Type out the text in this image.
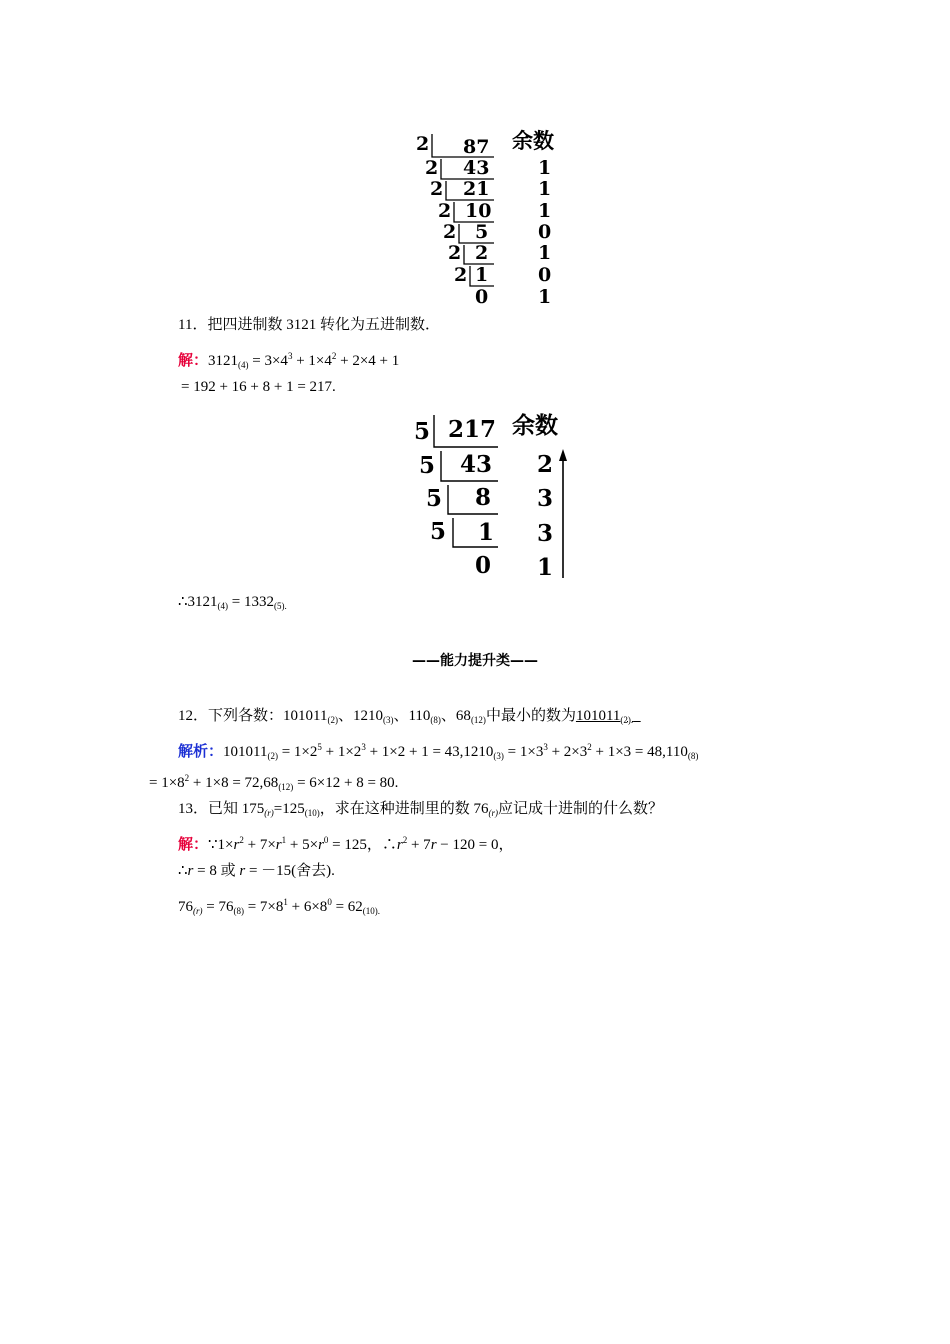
余数
2
2
2
2
2
2
2
87
43
21
10
5
2
1
0
1
1
1
0
1
0
1
11．把四进制数 3121 转化为五进制数．
解：$3121_{(4)} = 3\times 4^3 + 1\times 4^2 + 2\times 4 + 1$
= 192 + 16 + 8 + 1 = 217.
余数
5
5
5
5
217
43
8
1
0
2
3
3
1
$\therefore 3121_{(4)} = 1332_{(5).}$
——能力提升类——
12．下列各数：$101011_{(2)}$、$1210_{(3)}$、$110_{(8)}$、$68_{(12)}$中最小的数为$101011_{(2).}$
解析：$101011_{(2)} = 1\times 2^5 + 1\times 2^3 + 1\times 2 + 1 = 43,1210_{(3)} = 1\times 3^3 + 2\times 3^2 + 1\times 3 = 48,110_{(8)}$
= $1\times 8^2 + 1\times 8 = 72,68_{(12)} = 6\times 12 + 8 = 80$.
13．已知 $175_{(r)}=125_{(10)}$，求在这种进制里的数 $76_{(r)}$应记成十进制的什么数？
解：$\because 1\times r^2 + 7\times r^1 + 5\times r^0 = 125$，$\therefore r^2 + 7r - 120 = 0$，
∴r = 8 或 r = －15(舍去).
$76_{(r)} = 76_{(8)} = 7\times 8^1 + 6\times 8^0 = 62_{(10).}$
